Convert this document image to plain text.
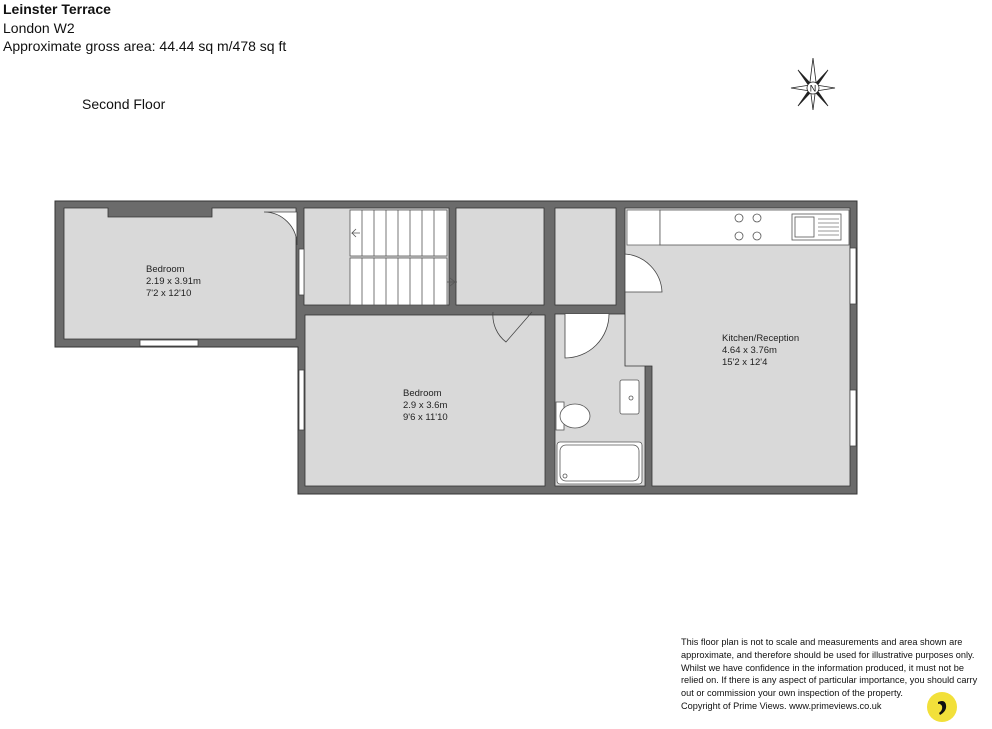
Leinster Terrace
London W2
Approximate gross area: 44.44 sq m/478 sq ft
Second Floor
N
Bedroom
2.19 x 3.91m
7'2 x 12'10
Bedroom
2.9 x 3.6m
9'6 x 11'10
Kitchen/Reception
4.64 x 3.76m
15'2 x 12'4

This floor plan is not to scale and measurements and area shown are

approximate, and therefore should be used for illustrative purposes only.

Whilst we have confidence in the information produced, it must not be

relied on. If there is any aspect of particular importance, you should carry

out or commission your own inspection of the property.

Copyright of Prime Views. www.primeviews.co.uk
